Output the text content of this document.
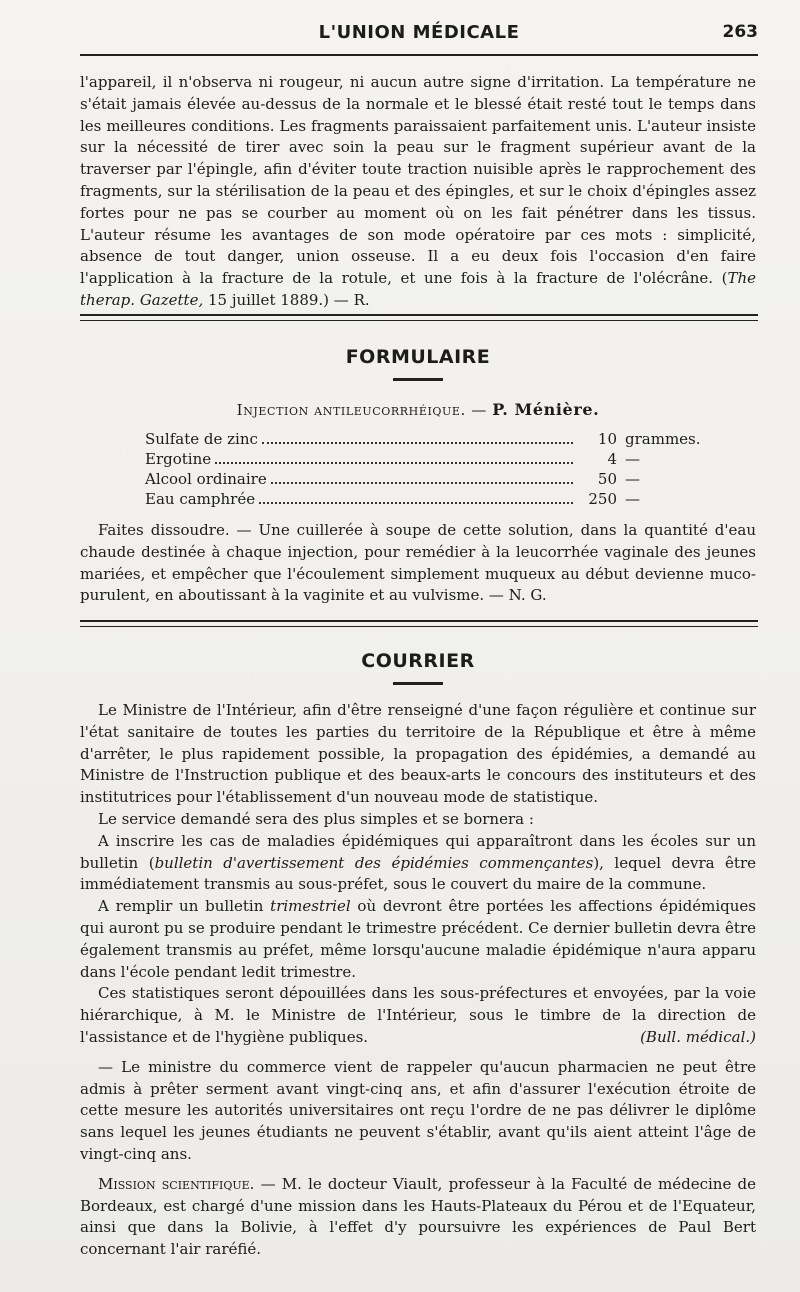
L'UNION MÉDICALE	263

l'appareil, il n'observa ni rougeur, ni aucun autre signe d'irritation. La température ne s'était jamais élevée au-dessus de la normale et le blessé était resté tout le temps dans les meilleures conditions. Les fragments paraissaient parfaitement unis. L'auteur insiste sur la nécessité de tirer avec soin la peau sur le fragment supérieur avant de la traverser par l'épingle, afin d'éviter toute traction nuisible après le rapprochement des fragments, sur la stérilisation de la peau et des épingles, et sur le choix d'épingles assez fortes pour ne pas se courber au moment où on les fait pénétrer dans les tissus. L'auteur résume les avantages de son mode opératoire par ces mots : simplicité, absence de tout danger, union osseuse. Il a eu deux fois l'occasion d'en faire l'application à la fracture de la rotule, et une fois à la fracture de l'olécrâne. (The therap. Gazette, 15 juillet 1889.) — R.

FORMULAIRE
Injection antileucorrhéique. — P. Ménière.
Sulfate de zinc	10 grammes.
Ergotine	4 —
Alcool ordinaire	50 —
Eau camphrée	250 —

Faites dissoudre. — Une cuillerée à soupe de cette solution, dans la quantité d'eau chaude destinée à chaque injection, pour remédier à la leucorrhée vaginale des jeunes mariées, et empêcher que l'écoulement simplement muqueux au début devienne muco-purulent, en aboutissant à la vaginite et au vulvisme. — N. G.

COURRIER

Le Ministre de l'Intérieur, afin d'être renseigné d'une façon régulière et continue sur l'état sanitaire de toutes les parties du territoire de la République et être à même d'arrêter, le plus rapidement possible, la propagation des épidémies, a demandé au Ministre de l'Instruction publique et des beaux-arts le concours des instituteurs et des institutrices pour l'établissement d'un nouveau mode de statistique.

Le service demandé sera des plus simples et se bornera :

A inscrire les cas de maladies épidémiques qui apparaîtront dans les écoles sur un bulletin (bulletin d'avertissement des épidémies commençantes), lequel devra être immédiatement transmis au sous-préfet, sous le couvert du maire de la commune.

A remplir un bulletin trimestriel où devront être portées les affections épidémiques qui auront pu se produire pendant le trimestre précédent. Ce dernier bulletin devra être également transmis au préfet, même lorsqu'aucune maladie épidémique n'aura apparu dans l'école pendant ledit trimestre.

Ces statistiques seront dépouillées dans les sous-préfectures et envoyées, par la voie hiérarchique, à M. le Ministre de l'Intérieur, sous le timbre de la direction de l'assistance et de l'hygiène publiques.	(Bull. médical.)

— Le ministre du commerce vient de rappeler qu'aucun pharmacien ne peut être admis à prêter serment avant vingt-cinq ans, et afin d'assurer l'exécution étroite de cette mesure les autorités universitaires ont reçu l'ordre de ne pas délivrer le diplôme sans lequel les jeunes étudiants ne peuvent s'établir, avant qu'ils aient atteint l'âge de vingt-cinq ans.

Mission scientifique. — M. le docteur Viault, professeur à la Faculté de médecine de Bordeaux, est chargé d'une mission dans les Hauts-Plateaux du Pérou et de l'Equateur, ainsi que dans la Bolivie, à l'effet d'y poursuivre les expériences de Paul Bert concernant l'air raréfié.
